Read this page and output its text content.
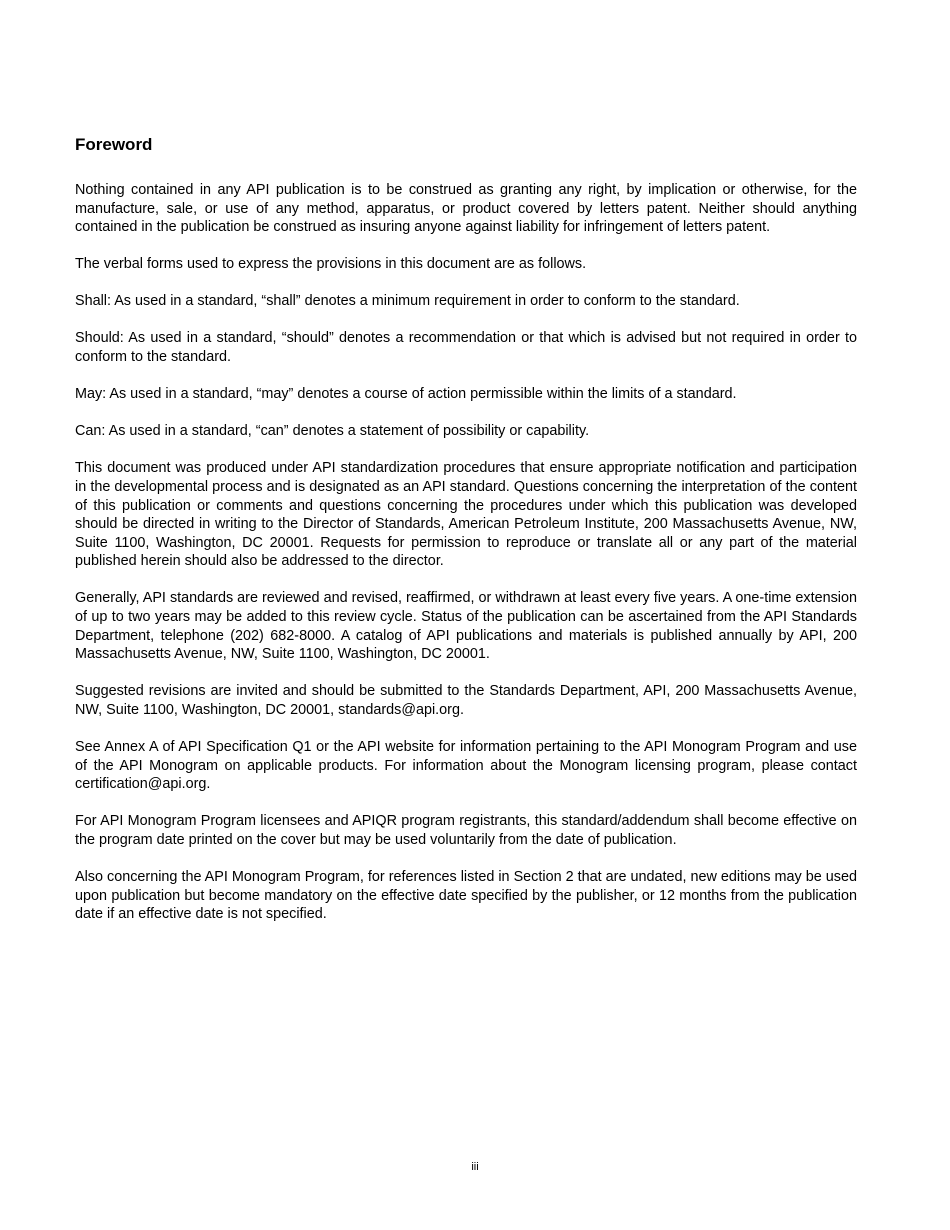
Foreword

Nothing contained in any API publication is to be construed as granting any right, by implication or otherwise, for the manufacture, sale, or use of any method, apparatus, or product covered by letters patent. Neither should anything contained in the publication be construed as insuring anyone against liability for infringement of letters patent.

The verbal forms used to express the provisions in this document are as follows.

Shall: As used in a standard, “shall” denotes a minimum requirement in order to conform to the standard.

Should: As used in a standard, “should” denotes a recommendation or that which is advised but not required in order to conform to the standard.

May: As used in a standard, “may” denotes a course of action permissible within the limits of a standard.

Can: As used in a standard, “can” denotes a statement of possibility or capability.

This document was produced under API standardization procedures that ensure appropriate notification and participation in the developmental process and is designated as an API standard. Questions concerning the interpretation of the content of this publication or comments and questions concerning the procedures under which this publication was developed should be directed in writing to the Director of Standards, American Petroleum Institute, 200 Massachusetts Avenue, NW, Suite 1100, Washington, DC 20001. Requests for permission to reproduce or translate all or any part of the material published herein should also be addressed to the director.

Generally, API standards are reviewed and revised, reaffirmed, or withdrawn at least every five years. A one-time extension of up to two years may be added to this review cycle. Status of the publication can be ascertained from the API Standards Department, telephone (202) 682-8000. A catalog of API publications and materials is published annually by API, 200 Massachusetts Avenue, NW, Suite 1100, Washington, DC 20001.

Suggested revisions are invited and should be submitted to the Standards Department, API, 200 Massachusetts Avenue, NW, Suite 1100, Washington, DC 20001, standards@api.org.

See Annex A of API Specification Q1 or the API website for information pertaining to the API Monogram Program and use of the API Monogram on applicable products. For information about the Monogram licensing program, please contact certification@api.org.

For API Monogram Program licensees and APIQR program registrants, this standard/addendum shall become effective on the program date printed on the cover but may be used voluntarily from the date of publication.

Also concerning the API Monogram Program, for references listed in Section 2 that are undated, new editions may be used upon publication but become mandatory on the effective date specified by the publisher, or 12 months from the publication date if an effective date is not specified.

iii
